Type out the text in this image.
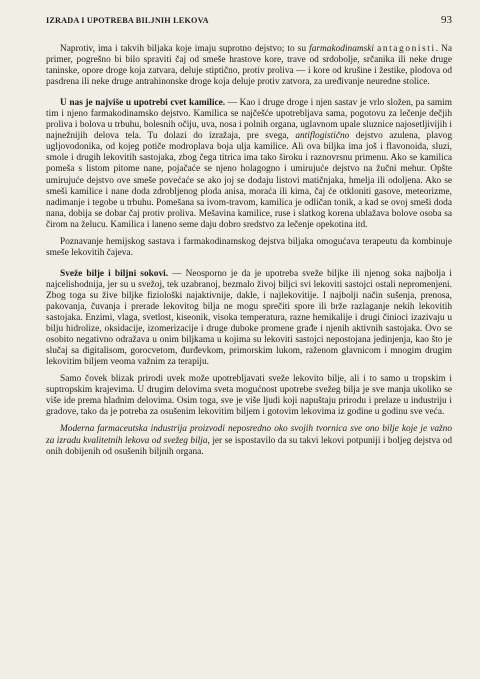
IZRADA I UPOTREBA BILJNIH LEKOVA	93

Naprotiv, ima i takvih biljaka koje imaju suprotno dejstvo; to su farmakodinamski antagonisti. Na primer, pogrešno bi bilo spraviti čaj od smeše hrastove kore, trave od srdobolje, srčanika ili neke druge taninske, opore droge koja zatvara, deluje stiptično, protiv proliva — i kore od krušine i žestike, plodova od pasdrena ili neke druge antrahinonske droge koja deluje protiv zatvora, za uređivanje neuredne stolice.

U nas je najviše u upotrebi cvet kamilice. — Kao i druge droge i njen sastav je vrlo složen, pa samim tim i njeno farmakodinamsko dejstvo. Kamilica se najčešće upotrebljava sama, pogotovu za lečenje dečjih proliva i bolova u trbuhu, bolesnih očiju, uva, nosa i polnih organa, uglavnom upale sluznice najosetljivijih i najnežnijih delova tela. Tu dolazi do izražaja, pre svega, antiflogistično dejstvo azulena, plavog ugljovodonika, od kojeg potiče modroplava boja ulja kamilice. Ali ova biljka ima još i flavonoida, sluzi, smole i drugih lekovitih sastojaka, zbog čega titrica ima tako široku i raznovrsnu primenu. Ako se kamilica pomeša s listom pitome nane, pojačaće se njeno holagogno i umirujuće dejstvo na žučni mehur. Opšte umirujuće dejstvo ove smeše povećaće se ako joj se dodaju listovi matičnjaka, hmelja ili odoljena. Ako se smeši kamilice i nane doda zdrobljenog ploda anisa, moraća ili kima, čaj će otkloniti gasove, meteorizme, nadimanje i tegobe u trbuhu. Pomešana sa ivom-travom, kamilica je odličan tonik, a kad se ovoj smeši doda nana, dobija se dobar čaj protiv proliva. Mešavina kamilice, ruse i slatkog korena ublažava bolove osoba sa čirom na želucu. Kamilica i laneno seme daju dobro sredstvo za lečenje opekotina itd.

Poznavanje hemijskog sastava i farmakodinamskog dejstva biljaka omogućava terapeutu da kombinuje smeše lekovitih čajeva.

Sveže bilje i biljni sokovi. — Neosporno je da je upotreba sveže biljke ili njenog soka najbolja i najcelishodnija, jer su u svežoj, tek uzabranoj, bezmalo živoj biljci svi lekoviti sastojci ostali nepromenjeni. Zbog toga su žive biljke fiziološki najaktivnije, dakle, i najlekovitije. I najbolji način sušenja, prenosa, pakovanja, čuvanja i prerade lekovitog bilja ne mogu sprečiti spore ili brže razlaganje nekih lekovitih sastojaka. Enzimi, vlaga, svetlost, kiseonik, visoka temperatura, razne hemikalije i drugi činioci izazivaju u bilju hidrolize, oksidacije, izomerizacije i druge duboke promene građe i njenih aktivnih sastojaka. Ovo se osobito negativno odražava u onim biljkama u kojima su lekoviti sastojci nepostojana jedinjenja, kao što je slučaj sa digitalisom, gorocvetom, đurđevkom, primorskim lukom, raženom glavnicom i mnogim drugim lekovitim biljem veoma važnim za terapiju.

Samo čovek blizak prirodi uvek može upotrebljavati sveže lekovito bilje, ali i to samo u tropskim i suptropskim krajevima. U drugim delovima sveta mogućnost upotrebe svežeg bilja je sve manja ukoliko se više ide prema hladnim delovima. Osim toga, sve je više ljudi koji napuštaju prirodu i prelaze u industriju i gradove, tako da je potreba za osušenim lekovitim biljem i gotovim lekovima iz godine u godinu sve veća.

Moderna farmaceutska industrija proizvodi neposredno oko svojih tvornica sve ono bilje koje je važno za izradu kvalitetnih lekova od svežeg bilja, jer se ispostavilo da su takvi lekovi potpuniji i boljeg dejstva od onih dobijenih od osušenih biljnih organa.
